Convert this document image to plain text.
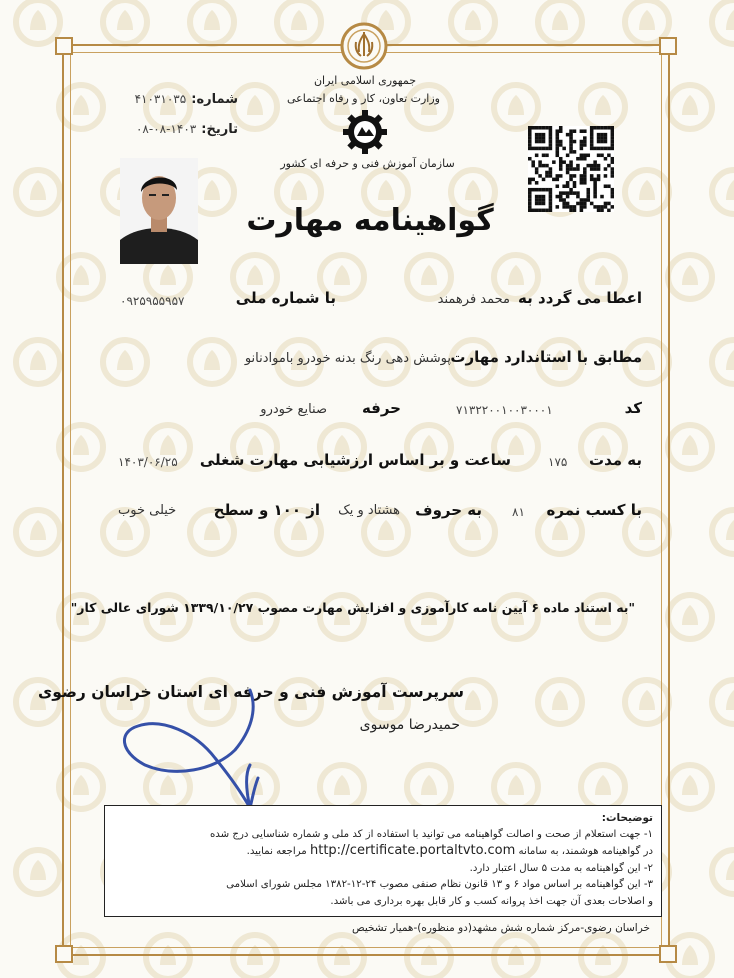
جمهوری اسلامی ایران
وزارت تعاون، کار و رفاه اجتماعی
سازمان آموزش فنی و حرفه ای کشور
شماره: ۴۱۰۳۱۰۳۵
تاریخ: ۱۴۰۳-۰۸-۰۸
گواهینامه مهارت
اعطا می گردد به
محمد فرهمند
با شماره ملی
۰۹۲۵۹۵۵۹۵۷
مطابق با استاندارد مهارت
پوشش دهی رنگ بدنه خودرو باموادنانو
کد
۷۱۳۲۲۰۰۱۰۰۳۰۰۰۱
حرفه
صنایع خودرو
به مدت
۱۷۵
ساعت و بر اساس ارزشیابی مهارت شغلی
۱۴۰۳/۰۶/۲۵
با کسب نمره
۸۱
به حروف
هشتاد و یک
از ۱۰۰ و سطح
خیلی خوب
"به استناد ماده ۶ آیین نامه کارآموزی و افزایش مهارت مصوب ۱۳۳۹/۱۰/۲۷ شورای عالی کار"
سرپرست آموزش فنی و حرفه ای استان خراسان رضوی
حمیدرضا موسوی
توضیحات:
۱- جهت استعلام از صحت و اصالت گواهینامه می توانید با استفاده از کد ملی و شماره شناسایی درج شده
در گواهینامه هوشمند، به سامانه http://certificate.portaltvto.com مراجعه نمایید.
۲- این گواهینامه به مدت ۵ سال اعتبار دارد.
۳- این گواهینامه بر اساس مواد ۶ و ۱۳ قانون نظام صنفی مصوب ۲۴-۱۲-۱۳۸۲ مجلس شورای اسلامی
و اصلاحات بعدی آن جهت اخذ پروانه کسب و کار قابل بهره برداری می باشد.
خراسان رضوی-مرکز شماره شش مشهد(دو منظوره)-همیار تشخیص
